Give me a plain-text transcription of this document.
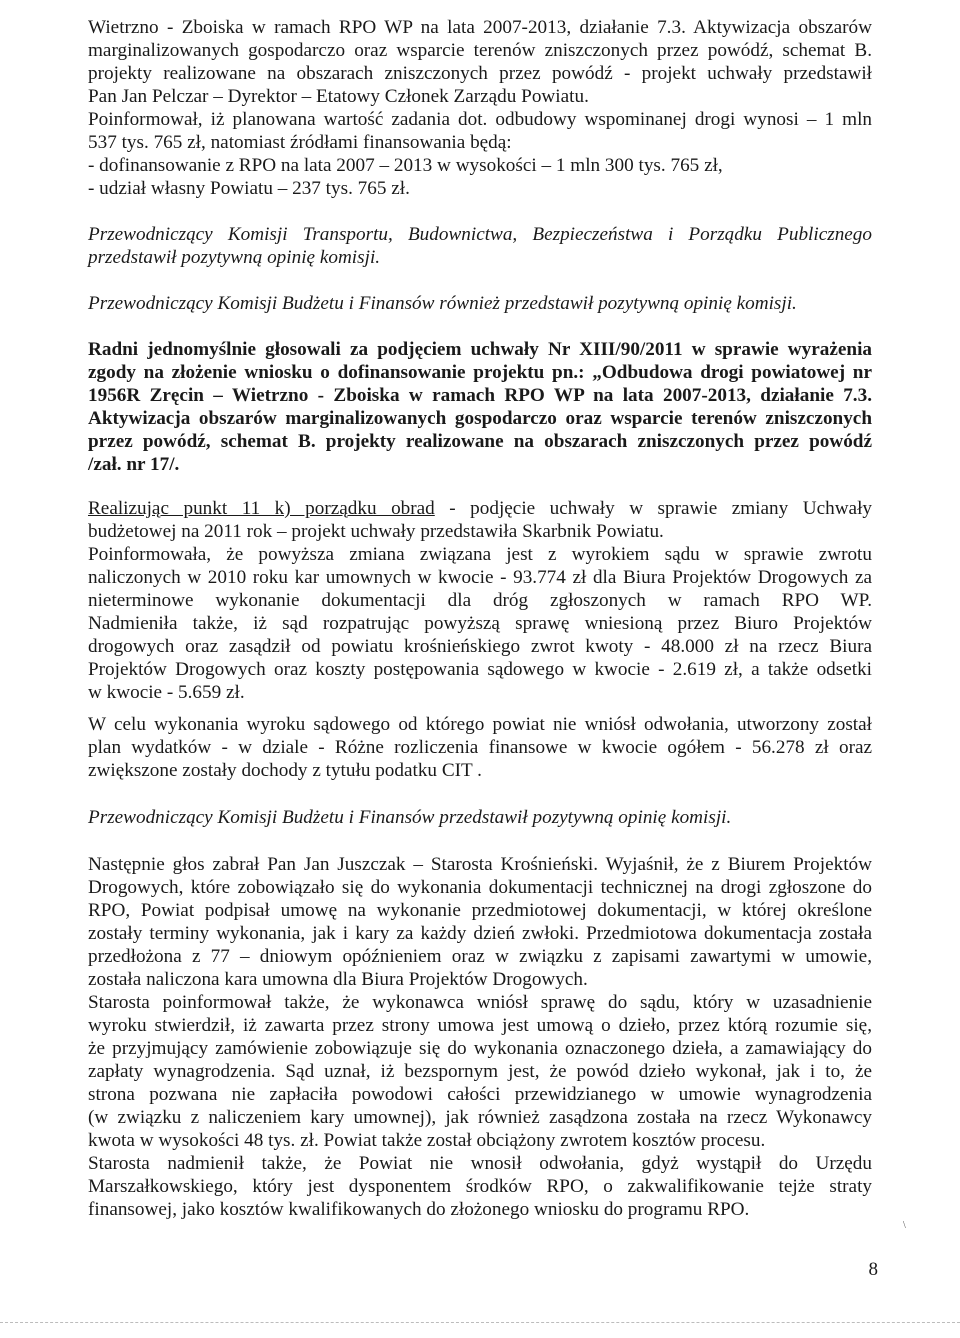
Wietrzno - Zboiska w ramach RPO WP na lata 2007-2013, działanie 7.3. Aktywizacja obszarów
marginalizowanych gospodarczo oraz wsparcie terenów zniszczonych przez powódź, schemat B.
projekty realizowane na obszarach zniszczonych przez powódź - projekt uchwały przedstawił
Pan Jan Pelczar – Dyrektor – Etatowy Członek Zarządu Powiatu.
Poinformował, iż planowana wartość zadania dot. odbudowy wspominanej drogi wynosi – 1 mln
537 tys. 765 zł, natomiast źródłami finansowania będą:
- dofinansowanie z RPO na lata 2007 – 2013 w wysokości – 1 mln 300 tys. 765 zł,
- udział własny Powiatu – 237 tys. 765 zł.
Przewodniczący Komisji Transportu, Budownictwa, Bezpieczeństwa i Porządku Publicznego
przedstawił pozytywną opinię komisji.
Przewodniczący Komisji Budżetu i Finansów również przedstawił pozytywną opinię komisji.
Radni jednomyślnie głosowali za podjęciem uchwały Nr XIII/90/2011 w sprawie wyrażenia
zgody na złożenie wniosku o dofinansowanie projektu pn.: „Odbudowa drogi powiatowej nr
1956R Zręcin – Wietrzno - Zboiska w ramach RPO WP na lata 2007-2013, działanie 7.3.
Aktywizacja obszarów marginalizowanych gospodarczo oraz wsparcie terenów zniszczonych
przez powódź, schemat B. projekty realizowane na obszarach zniszczonych przez powódź
/zał. nr 17/.
Realizując punkt 11 k) porządku obrad - podjęcie uchwały w sprawie zmiany Uchwały
budżetowej na 2011 rok – projekt uchwały przedstawiła Skarbnik Powiatu.
Poinformowała, że powyższa zmiana związana jest z wyrokiem sądu w sprawie zwrotu
naliczonych w 2010 roku kar umownych w kwocie - 93.774 zł dla Biura Projektów Drogowych za
nieterminowe wykonanie dokumentacji dla dróg zgłoszonych w ramach RPO WP.
Nadmieniła także, iż sąd rozpatrując powyższą sprawę wniesioną przez Biuro Projektów
drogowych oraz zasądził od powiatu krośnieńskiego zwrot kwoty - 48.000 zł na rzecz Biura
Projektów Drogowych oraz koszty postępowania sądowego w kwocie - 2.619 zł, a także odsetki
w kwocie - 5.659 zł.
W celu wykonania wyroku sądowego od którego powiat nie wniósł odwołania, utworzony został
plan wydatków - w dziale - Różne rozliczenia finansowe w kwocie ogółem - 56.278 zł oraz
zwiększone zostały dochody z tytułu podatku CIT .
Przewodniczący Komisji Budżetu i Finansów przedstawił pozytywną opinię komisji.
Następnie głos zabrał Pan Jan Juszczak – Starosta Krośnieński. Wyjaśnił, że z Biurem Projektów
Drogowych, które zobowiązało się do wykonania dokumentacji technicznej na drogi zgłoszone do
RPO, Powiat podpisał umowę na wykonanie przedmiotowej dokumentacji, w której określone
zostały terminy wykonania, jak i kary za każdy dzień zwłoki. Przedmiotowa dokumentacja została
przedłożona z 77 – dniowym opóźnieniem oraz w związku z zapisami zawartymi w umowie,
została naliczona kara umowna dla Biura Projektów Drogowych.
Starosta poinformował także, że wykonawca wniósł sprawę do sądu, który w uzasadnienie
wyroku stwierdził, iż zawarta przez strony umowa jest umową o dzieło, przez którą rozumie się,
że przyjmujący zamówienie zobowiązuje się do wykonania oznaczonego dzieła, a zamawiający do
zapłaty wynagrodzenia. Sąd uznał, iż bezspornym jest, że powód dzieło wykonał, jak i to, że
strona pozwana nie zapłaciła powodowi całości przewidzianego w umowie wynagrodzenia
(w związku z naliczeniem kary umownej), jak również zasądzona została na rzecz Wykonawcy
kwota w wysokości 48 tys. zł. Powiat także został obciążony zwrotem kosztów procesu.
Starosta nadmienił także, że Powiat nie wnosił odwołania, gdyż wystąpił do Urzędu
Marszałkowskiego, który jest dysponentem środków RPO, o zakwalifikowanie tejże straty
finansowej, jako kosztów kwalifikowanych do złożonego wniosku do programu RPO.
\
8
